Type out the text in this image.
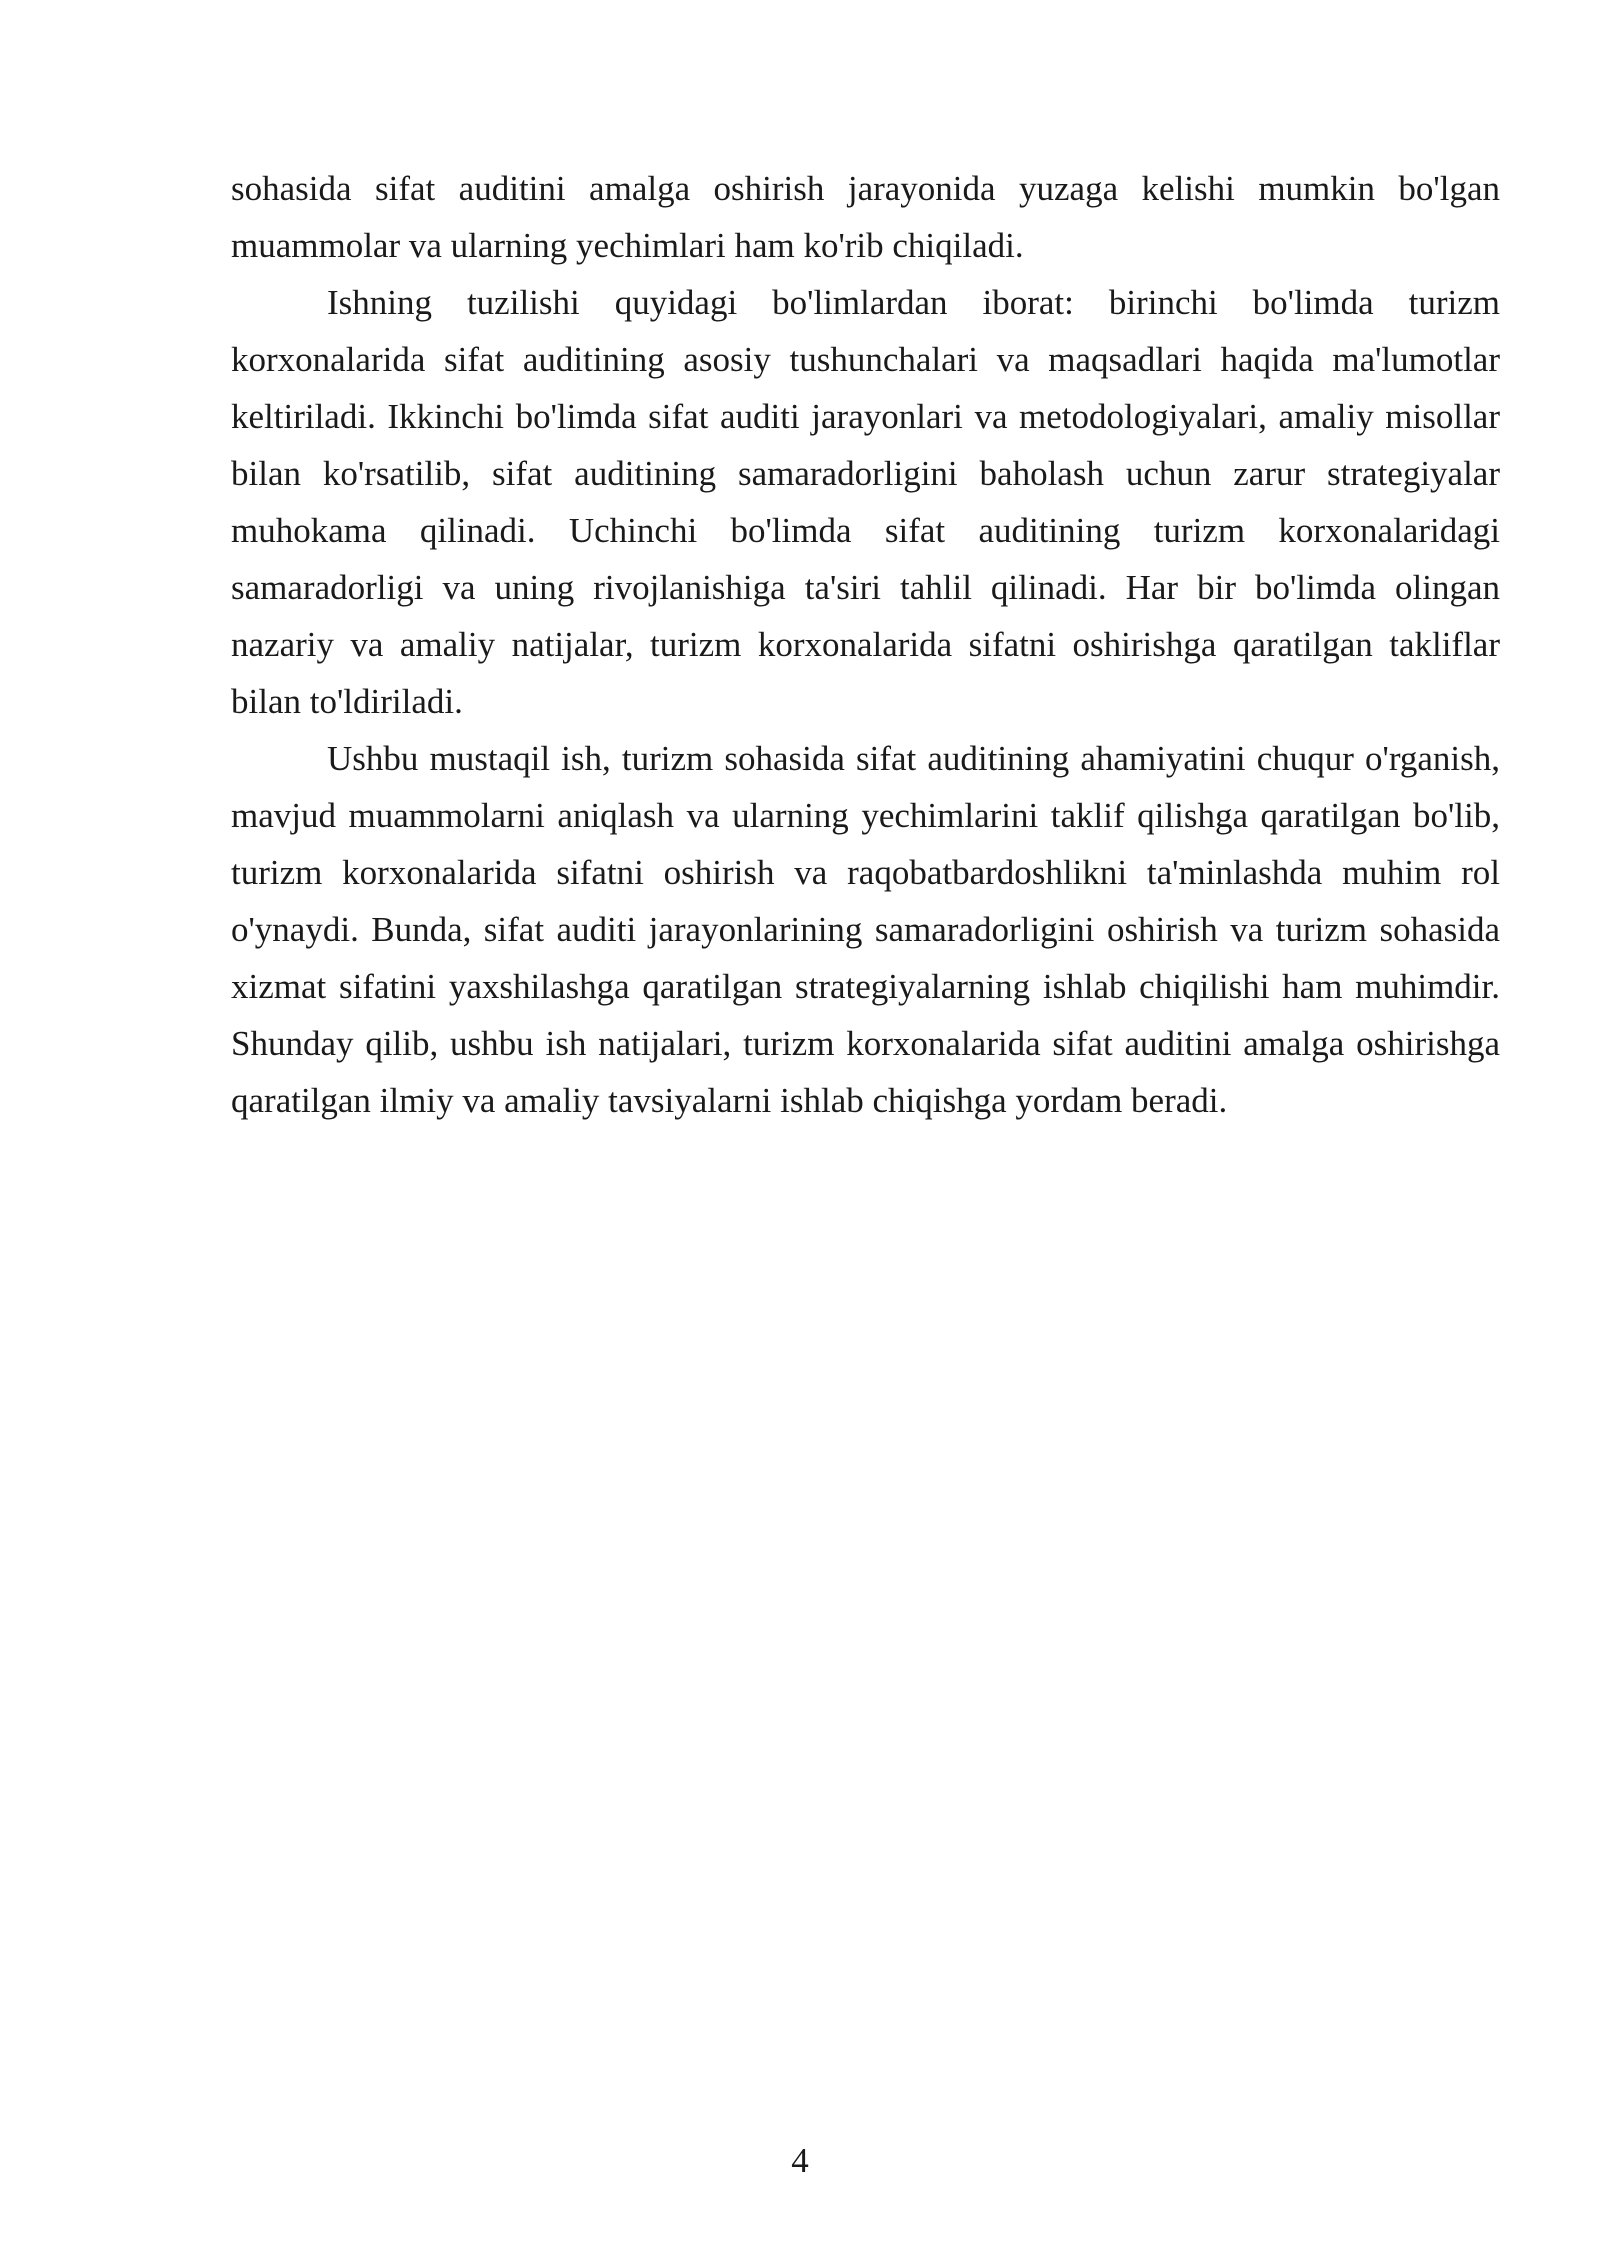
sohasida sifat auditini amalga oshirish jarayonida yuzaga kelishi mumkin bo'lgan muammolar va ularning yechimlari ham ko'rib chiqiladi.

Ishning tuzilishi quyidagi bo'limlardan iborat: birinchi bo'limda turizm korxonalarida sifat auditining asosiy tushunchalari va maqsadlari haqida ma'lumotlar keltiriladi. Ikkinchi bo'limda sifat auditi jarayonlari va metodologiyalari, amaliy misollar bilan ko'rsatilib, sifat auditining samaradorligini baholash uchun zarur strategiyalar muhokama qilinadi. Uchinchi bo'limda sifat auditining turizm korxonalaridagi samaradorligi va uning rivojlanishiga ta'siri tahlil qilinadi. Har bir bo'limda olingan nazariy va amaliy natijalar, turizm korxonalarida sifatni oshirishga qaratilgan takliflar bilan to'ldiriladi.

Ushbu mustaqil ish, turizm sohasida sifat auditining ahamiyatini chuqur o'rganish, mavjud muammolarni aniqlash va ularning yechimlarini taklif qilishga qaratilgan bo'lib, turizm korxonalarida sifatni oshirish va raqobatbardoshlikni ta'minlashda muhim rol o'ynaydi. Bunda, sifat auditi jarayonlarining samaradorligini oshirish va turizm sohasida xizmat sifatini yaxshilashga qaratilgan strategiyalarning ishlab chiqilishi ham muhimdir. Shunday qilib, ushbu ish natijalari, turizm korxonalarida sifat auditini amalga oshirishga qaratilgan ilmiy va amaliy tavsiyalarni ishlab chiqishga yordam beradi.

4
